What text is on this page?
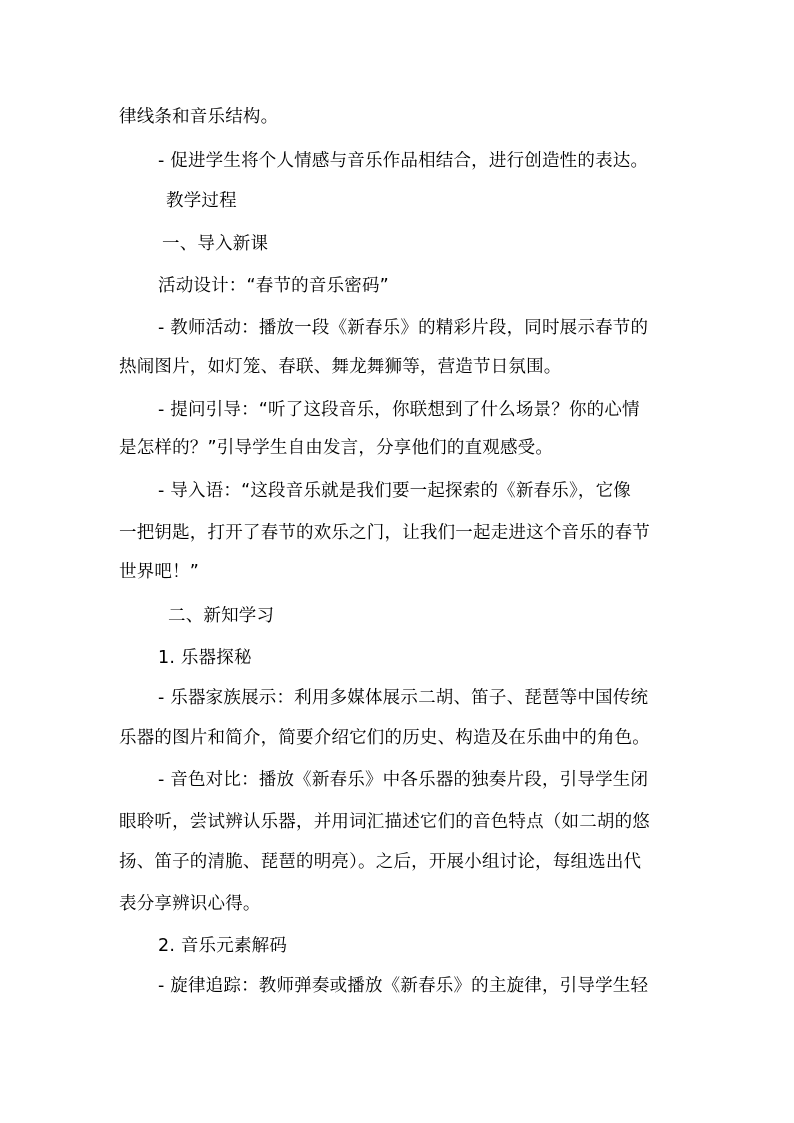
律线条和音乐结构。
- 促进学生将个人情感与音乐作品相结合，进行创造性的表达。
教学过程
一、导入新课
活动设计：“春节的音乐密码”
- 教师活动：播放一段《新春乐》的精彩片段，同时展示春节的
热闹图片，如灯笼、春联、舞龙舞狮等，营造节日氛围。
- 提问引导：“听了这段音乐，你联想到了什么场景？你的心情
是怎样的？”引导学生自由发言，分享他们的直观感受。
- 导入语：“这段音乐就是我们要一起探索的《新春乐》，它像
一把钥匙，打开了春节的欢乐之门，让我们一起走进这个音乐的春节
世界吧！”
二、新知学习
1. 乐器探秘
- 乐器家族展示：利用多媒体展示二胡、笛子、琵琶等中国传统
乐器的图片和简介，简要介绍它们的历史、构造及在乐曲中的角色。
- 音色对比：播放《新春乐》中各乐器的独奏片段，引导学生闭
眼聆听，尝试辨认乐器，并用词汇描述它们的音色特点（如二胡的悠
扬、笛子的清脆、琵琶的明亮）。之后，开展小组讨论，每组选出代
表分享辨识心得。
2. 音乐元素解码
- 旋律追踪：教师弹奏或播放《新春乐》的主旋律，引导学生轻
